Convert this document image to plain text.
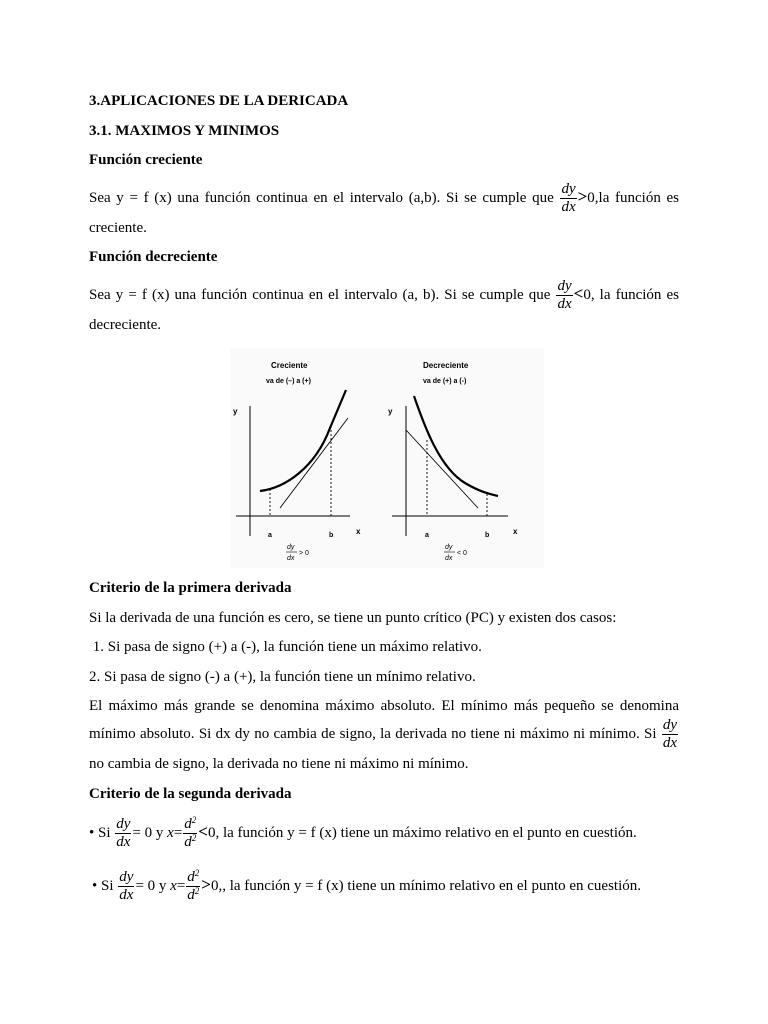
3.APLICACIONES DE LA DERICADA
3.1. MAXIMOS Y MINIMOS
Función creciente
Sea y = f (x) una función continua en el intervalo (a,b). Si se cumple que $\frac{dy}{dx} >0,la$ función es
creciente.
Función decreciente
Sea y = f (x) una función continua en el intervalo (a, b). Si se cumple que $\frac{dy}{dx} <0$, la función es
decreciente.
Creciente
va de (–) a (+)
y
x
a	b
dy
dx
> 0
Decreciente
va de (+) a (-)
y
x
a	b
dy
dx
< 0
Criterio de la primera derivada
Si la derivada de una función es cero, se tiene un punto crítico (PC) y existen dos casos:
1. Si pasa de signo (+) a (-), la función tiene un máximo relativo.
2. Si pasa de signo (-) a (+), la función tiene un mínimo relativo.
El máximo más grande se denomina máximo absoluto. El mínimo más pequeño se denomina
mínimo absoluto. Si dx dy no cambia de signo, la derivada no tiene ni máximo ni mínimo. Si $\frac{dy}{dx}$
no cambia de signo, la derivada no tiene ni máximo ni mínimo.
Criterio de la segunda derivada
• Si $\frac{dy}{dx} = 0$ y $x= \frac{d^2}{d^2} <0$, la función y = f (x) tiene un máximo relativo en el punto en cuestión.
• Si $\frac{dy}{dx} = 0$ y $x= \frac{d^2}{d^2} >0$,, la función y = f (x) tiene un mínimo relativo en el punto en cuestión.
